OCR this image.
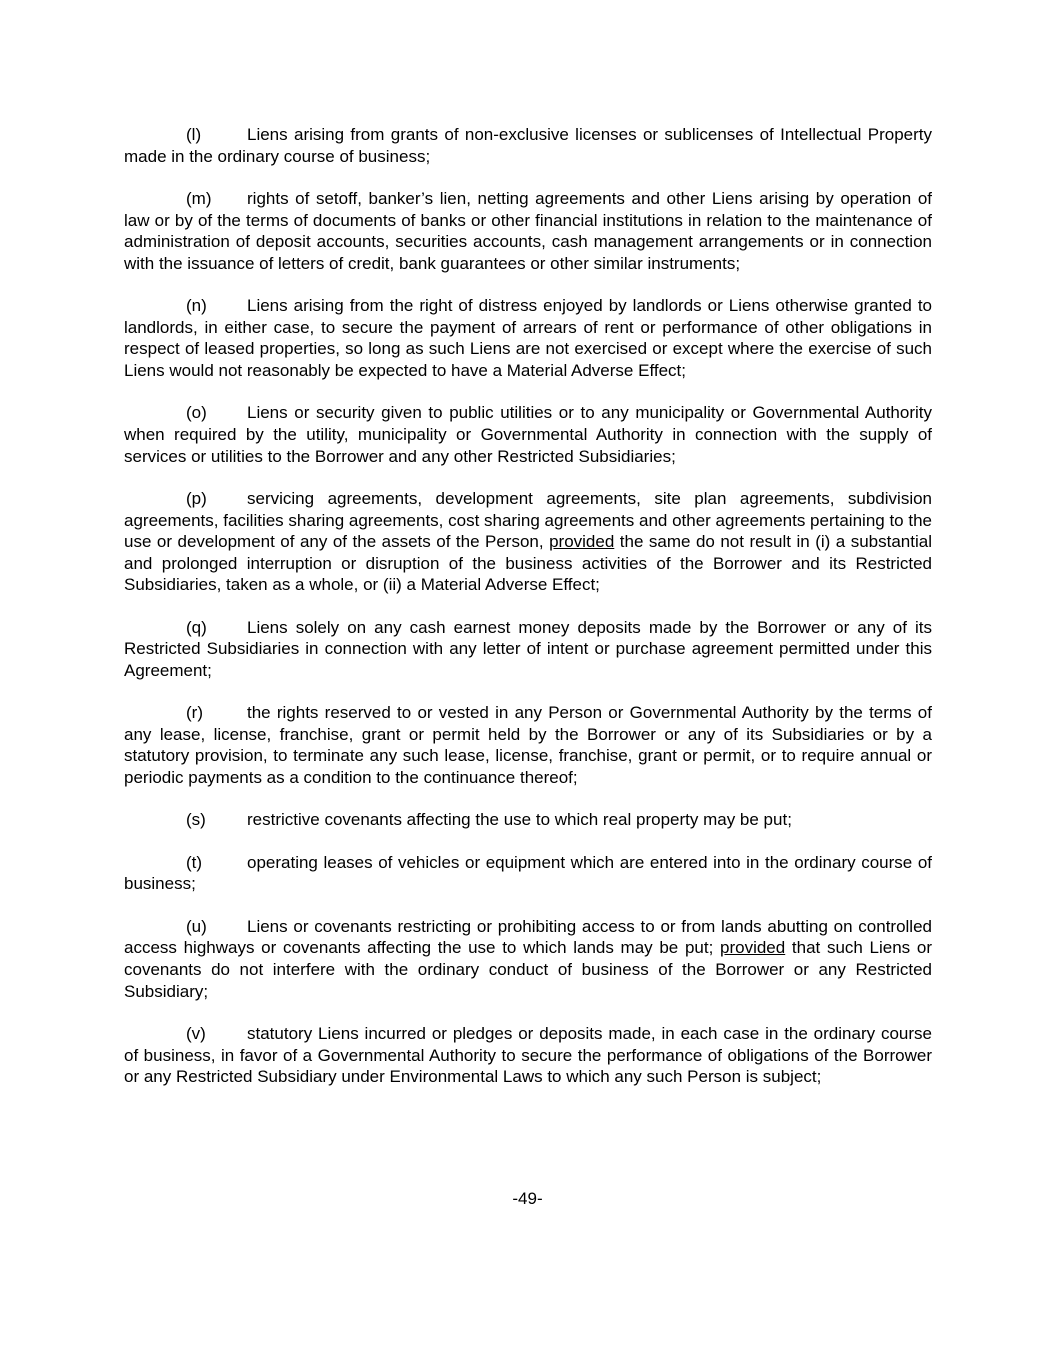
(l)	Liens arising from grants of non-exclusive licenses or sublicenses of Intellectual Property made in the ordinary course of business;

(m) rights of setoff, banker’s lien, netting agreements and other Liens arising by operation of law or by of the terms of documents of banks or other financial institutions in relation to the maintenance of administration of deposit accounts, securities accounts, cash management arrangements or in connection with the issuance of letters of credit, bank guarantees or other similar instruments;

(n) Liens arising from the right of distress enjoyed by landlords or Liens otherwise granted to landlords, in either case, to secure the payment of arrears of rent or performance of other obligations in respect of leased properties, so long as such Liens are not exercised or except where the exercise of such Liens would not reasonably be expected to have a Material Adverse Effect;

(o) Liens or security given to public utilities or to any municipality or Governmental Authority when required by the utility, municipality or Governmental Authority in connection with the supply of services or utilities to the Borrower and any other Restricted Subsidiaries;

(p) servicing agreements, development agreements, site plan agreements, subdivision agreements, facilities sharing agreements, cost sharing agreements and other agreements pertaining to the use or development of any of the assets of the Person, provided the same do not result in (i) a substantial and prolonged interruption or disruption of the business activities of the Borrower and its Restricted Subsidiaries, taken as a whole, or (ii) a Material Adverse Effect;

(q) Liens solely on any cash earnest money deposits made by the Borrower or any of its Restricted Subsidiaries in connection with any letter of intent or purchase agreement permitted under this Agreement;

(r)	the rights reserved to or vested in any Person or Governmental Authority by the terms of any lease, license, franchise, grant or permit held by the Borrower or any of its Subsidiaries or by a statutory provision, to terminate any such lease, license, franchise, grant or permit, or to require annual or periodic payments as a condition to the continuance thereof;

(s) restrictive covenants affecting the use to which real property may be put;

(t)	operating leases of vehicles or equipment which are entered into in the ordinary course of business;

(u) Liens or covenants restricting or prohibiting access to or from lands abutting on controlled access highways or covenants affecting the use to which lands may be put; provided that such Liens or covenants do not interfere with the ordinary conduct of business of the Borrower or any Restricted Subsidiary;

(v) statutory Liens incurred or pledges or deposits made, in each case in the ordinary course of business, in favor of a Governmental Authority to secure the performance of obligations of the Borrower or any Restricted Subsidiary under Environmental Laws to which any such Person is subject;

-49-
